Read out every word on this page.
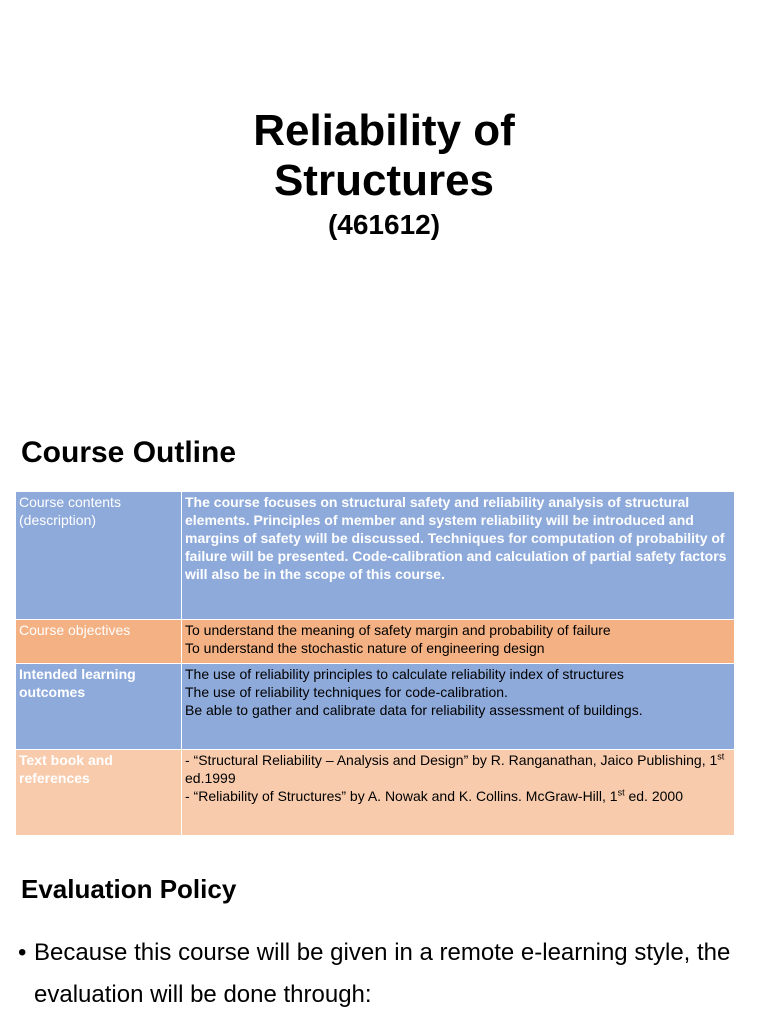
Reliability of
Structures
(461612)
Course Outline
Course contents (description)	The course focuses on structural safety and reliability analysis of structural elements. Principles of member and system reliability will be introduced and margins of safety will be discussed. Techniques for computation of probability of failure will be presented. Code-calibration and calculation of partial safety factors will also be in the scope of this course.

Course objectives	To understand the meaning of safety margin and probability of failure
To understand the stochastic nature of engineering design

Intended learning outcomes	The use of reliability principles to calculate reliability index of structures
The use of reliability techniques for code-calibration.
Be able to gather and calibrate data for reliability assessment of buildings.

Text book and references	- “Structural Reliability – Analysis and Design” by R. Ranganathan, Jaico Publishing, 1st ed.1999
- “Reliability of Structures” by A. Nowak and K. Collins. McGraw-Hill, 1st ed. 2000
Evaluation Policy
• Because this course will be given in a remote e-learning style, the evaluation will be done through:
